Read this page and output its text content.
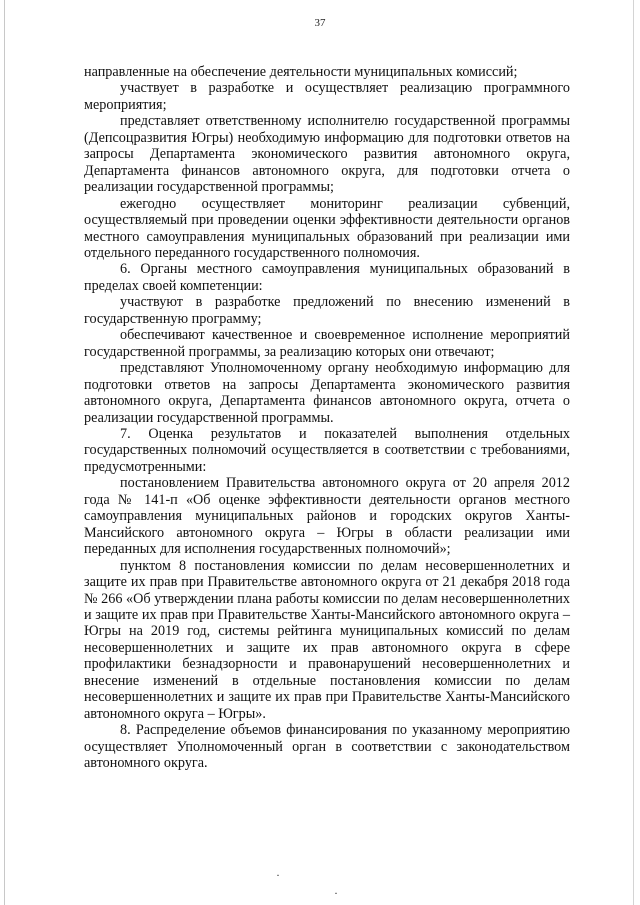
37

направленные на обеспечение деятельности муниципальных комиссий;

участвует в разработке и осуществляет реализацию программного мероприятия;

представляет ответственному исполнителю государственной программы (Депсоцразвития Югры) необходимую информацию для подготовки ответов на запросы Департамента экономического развития автономного округа, Департамента финансов автономного округа, для подготовки отчета о реализации государственной программы;

ежегодно осуществляет мониторинг реализации субвенций, осуществляемый при проведении оценки эффективности деятельности органов местного самоуправления муниципальных образований при реализации ими отдельного переданного государственного полномочия.

6. Органы местного самоуправления муниципальных образований в пределах своей компетенции:

участвуют в разработке предложений по внесению изменений в государственную программу;

обеспечивают качественное и своевременное исполнение мероприятий государственной программы, за реализацию которых они отвечают;

представляют Уполномоченному органу необходимую информацию для подготовки ответов на запросы Департамента экономического развития автономного округа, Департамента финансов автономного округа, отчета о реализации государственной программы.

7. Оценка результатов и показателей выполнения отдельных государственных полномочий осуществляется в соответствии с требованиями, предусмотренными:

постановлением Правительства автономного округа от 20 апреля 2012 года № 141-п «Об оценке эффективности деятельности органов местного самоуправления муниципальных районов и городских округов Ханты-Мансийского автономного округа – Югры в области реализации ими переданных для исполнения государственных полномочий»;

пунктом 8 постановления комиссии по делам несовершеннолетних и защите их прав при Правительстве автономного округа от 21 декабря 2018 года № 266 «Об утверждении плана работы комиссии по делам несовершеннолетних и защите их прав при Правительстве Ханты-Мансийского автономного округа – Югры на 2019 год, системы рейтинга муниципальных комиссий по делам несовершеннолетних и защите их прав автономного округа в сфере профилактики безнадзорности и правонарушений несовершеннолетних и внесение изменений в отдельные постановления комиссии по делам несовершеннолетних и защите их прав при Правительстве Ханты-Мансийского автономного округа – Югры».

8. Распределение объемов финансирования по указанному мероприятию осуществляет Уполномоченный орган в соответствии с законодательством автономного округа.

·
·
